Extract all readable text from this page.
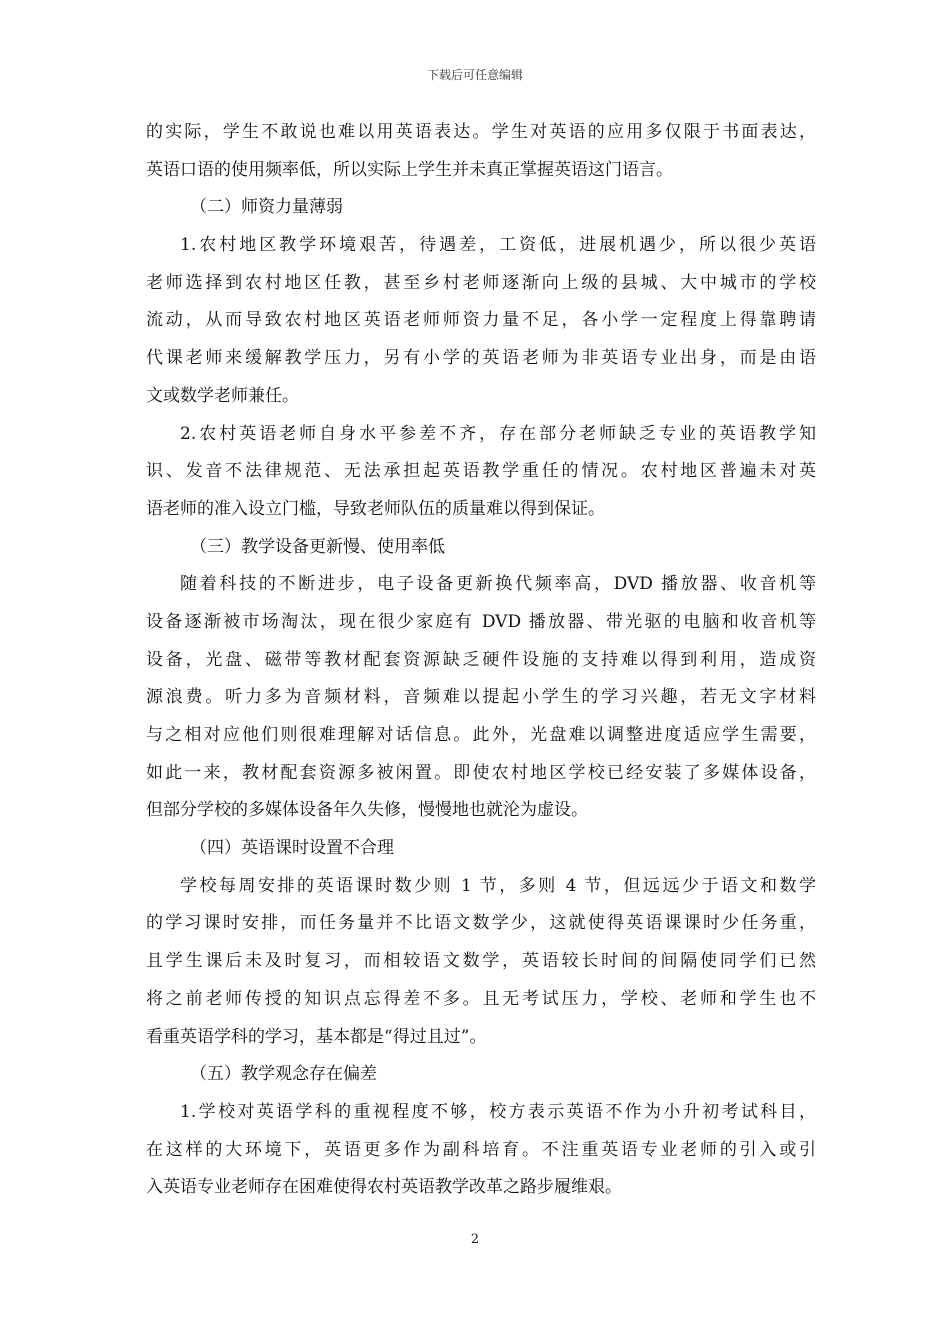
下载后可任意编辑
的实际，学生不敢说也难以用英语表达。学生对英语的应用多仅限于书面表达，
英语口语的使用频率低，所以实际上学生并未真正掌握英语这门语言。
（二）师资力量薄弱
1.农村地区教学环境艰苦，待遇差，工资低，进展机遇少，所以很少英语
老师选择到农村地区任教，甚至乡村老师逐渐向上级的县城、大中城市的学校
流动，从而导致农村地区英语老师师资力量不足，各小学一定程度上得靠聘请
代课老师来缓解教学压力，另有小学的英语老师为非英语专业出身，而是由语
文或数学老师兼任。
2.农村英语老师自身水平参差不齐，存在部分老师缺乏专业的英语教学知
识、发音不法律规范、无法承担起英语教学重任的情况。农村地区普遍未对英
语老师的准入设立门槛，导致老师队伍的质量难以得到保证。
（三）教学设备更新慢、使用率低
随着科技的不断进步，电子设备更新换代频率高，DVD 播放器、收音机等
设备逐渐被市场淘汰，现在很少家庭有 DVD 播放器、带光驱的电脑和收音机等
设备，光盘、磁带等教材配套资源缺乏硬件设施的支持难以得到利用，造成资
源浪费。听力多为音频材料，音频难以提起小学生的学习兴趣，若无文字材料
与之相对应他们则很难理解对话信息。此外，光盘难以调整进度适应学生需要，
如此一来，教材配套资源多被闲置。即使农村地区学校已经安装了多媒体设备，
但部分学校的多媒体设备年久失修，慢慢地也就沦为虚设。
（四）英语课时设置不合理
学校每周安排的英语课时数少则 1 节，多则 4 节，但远远少于语文和数学
的学习课时安排，而任务量并不比语文数学少，这就使得英语课课时少任务重，
且学生课后未及时复习，而相较语文数学，英语较长时间的间隔使同学们已然
将之前老师传授的知识点忘得差不多。且无考试压力，学校、老师和学生也不
看重英语学科的学习，基本都是“得过且过”。
（五）教学观念存在偏差
1.学校对英语学科的重视程度不够，校方表示英语不作为小升初考试科目，
在这样的大环境下，英语更多作为副科培育。不注重英语专业老师的引入或引
入英语专业老师存在困难使得农村英语教学改革之路步履维艰。
2
